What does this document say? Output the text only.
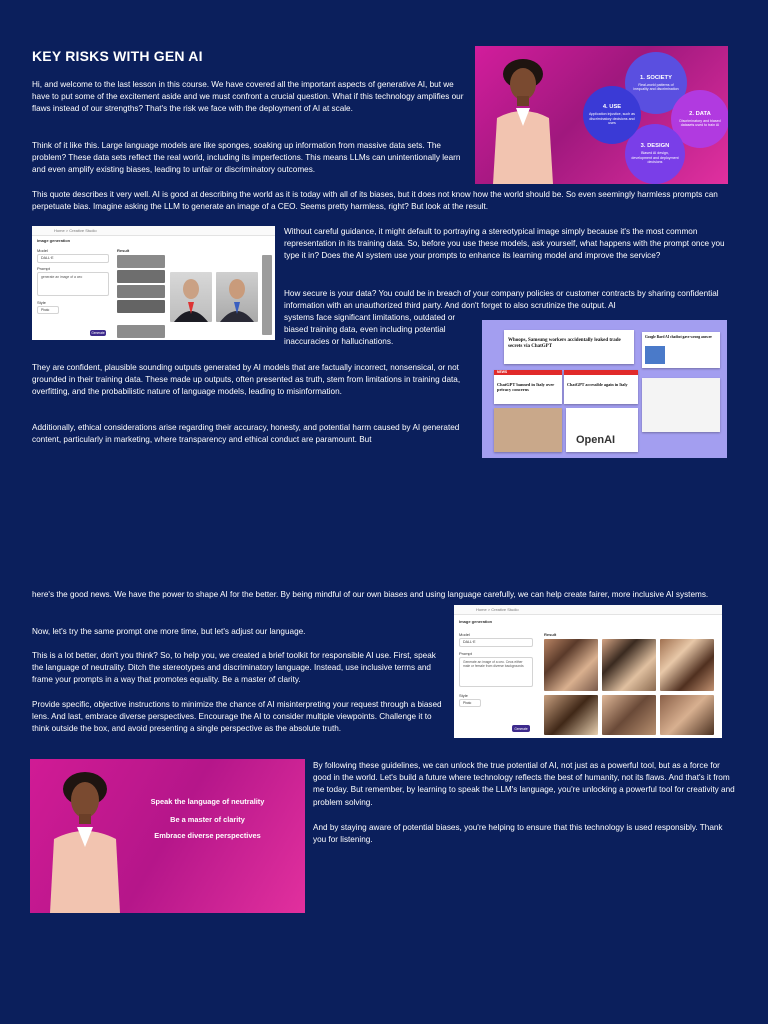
KEY RISKS WITH GEN AI

Hi, and welcome to the last lesson in this course. We have covered all the important aspects of generative AI, but we have to put some of the excitement aside and we must confront a crucial question. What if this technology amplifies our flaws instead of our strengths? That's the risk we face with the deployment of AI at scale.

Think of it like this. Large language models are like sponges, soaking up information from massive data sets. The problem? These data sets reflect the real world, including its imperfections. This means LLMs can unintentionally learn and even amplify existing biases, leading to unfair or discriminatory outcomes.

This quote describes it very well. AI is good at describing the world as it is today with all of its biases, but it does not know how the world should be. So even seemingly harmless prompts can perpetuate bias. Imagine asking the LLM to generate an image of a CEO. Seems pretty harmless, right? But look at the result.

1. SOCIETY
Real-world patterns of inequality and discrimination
2. DATA
Discriminatory and biased datasets used to train AI
3. DESIGN
Biased AI design, development and deployment decisions
4. USE
Application injustice, such as discriminatory decisions and uses
Home > Creative Studio
Image generation
Model
DALL·E
Prompt
generate an image of a ceo
Style
Photo
Generate
Result

Without careful guidance, it might default to portraying a stereotypical image simply because it's the most common representation in its training data. So, before you use these models, ask yourself, what happens with the prompt once you type it in? Does the AI system use your prompts to enhance its learning model and improve the service?

How secure is your data? You could be in breach of your company policies or customer contracts by sharing confidential information with an unauthorized third party. And don't forget to also scrutinize the output. AI

systems face significant limitations, outdated or biased training data, even including potential inaccuracies or hallucinations.	Whoops, Samsung workers accidentally leaked trade secrets via ChatGPT
NEWS
ChatGPT banned in Italy over privacy concerns
ChatGPT accessible again in Italy
Google Bard AI chatbot gave wrong answer
OpenAI

They are confident, plausible sounding outputs generated by AI models that are factually incorrect, nonsensical, or not grounded in their training data. These made up outputs, often presented as truth, stem from limitations in training data, overfitting, and the probabilistic nature of language models, leading to misinformation.

Additionally, ethical considerations arise regarding their accuracy, honesty, and potential harm caused by AI generated content, particularly in marketing, where transparency and ethical conduct are paramount. But

here's the good news. We have the power to shape AI for the better. By being mindful of our own biases and using language carefully, we can help create fairer, more inclusive AI systems.

Now, let's try the same prompt one more time, but let's adjust our language.

This is a lot better, don't you think? So, to help you, we created a brief toolkit for responsible AI use. First, speak the language of neutrality. Ditch the stereotypes and discriminatory language. Instead, use inclusive terms and frame your prompts in a way that promotes equality. Be a master of clarity.

Provide specific, objective instructions to minimize the chance of AI misinterpreting your request through a biased lens. And last, embrace diverse perspectives. Encourage the AI to consider multiple viewpoints. Challenge it to think outside the box, and avoid presenting a single perspective as the absolute truth.

Home > Creative Studio
Image generation
Model
DALL·E
Prompt
Generate an image of a ceo. Ceos either male or female from diverse backgrounds
Style
Photo
Generate
Result
Speak the language of neutrality
Be a master of clarity
Embrace diverse perspectives

By following these guidelines, we can unlock the true potential of AI, not just as a powerful tool, but as a force for good in the world. Let's build a future where technology reflects the best of humanity, not its flaws. And that's it from me today. But remember, by learning to speak the LLM's language, you're unlocking a powerful tool for creativity and problem solving.

And by staying aware of potential biases, you're helping to ensure that this technology is used responsibly. Thank you for listening.
